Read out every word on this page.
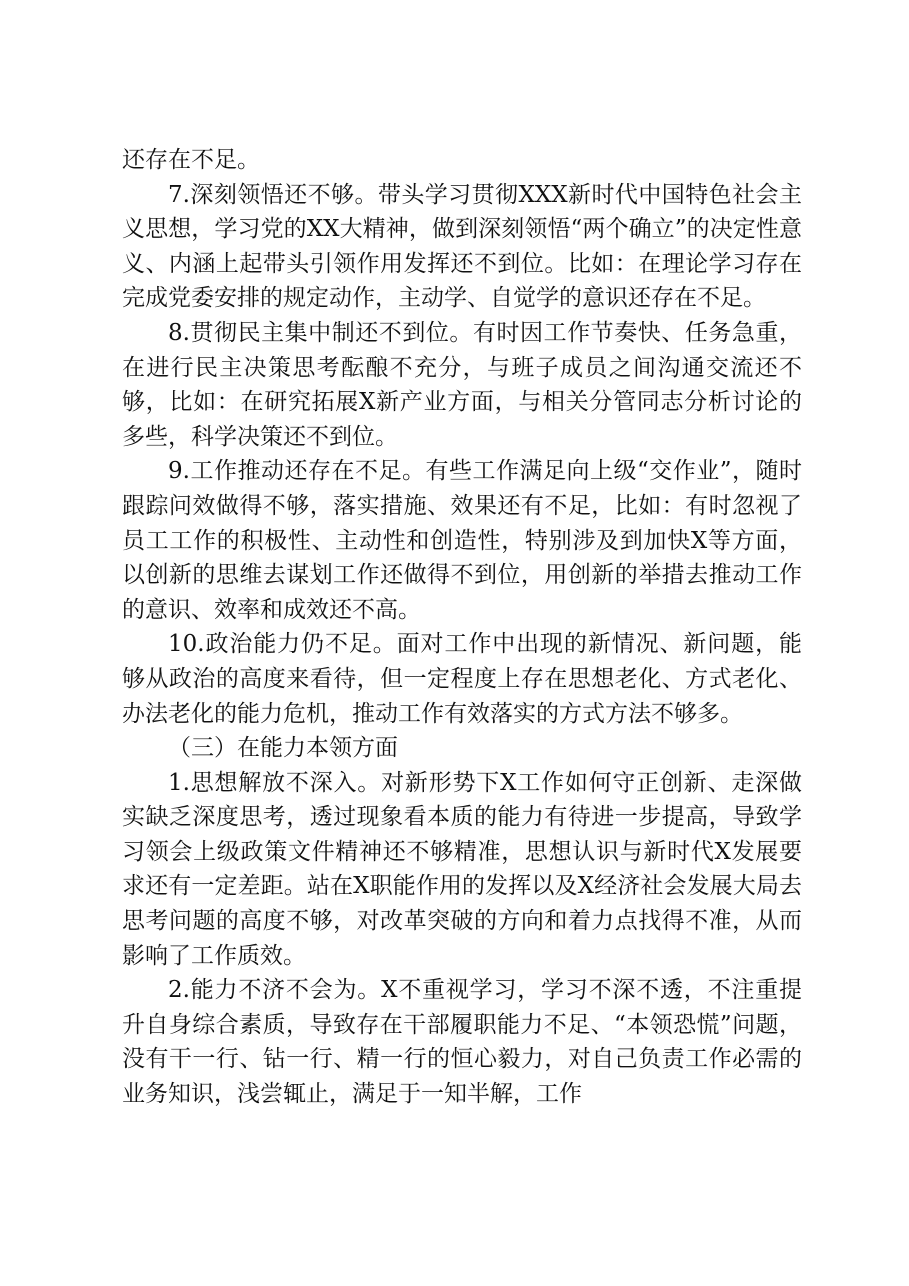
还存在不足。

7.深刻领悟还不够。带头学习贯彻XXX新时代中国特色社会主义思想，学习党的XX大精神，做到深刻领悟“两个确立”的决定性意义、内涵上起带头引领作用发挥还不到位。比如：在理论学习存在完成党委安排的规定动作，主动学、自觉学的意识还存在不足。

8.贯彻民主集中制还不到位。有时因工作节奏快、任务急重，在进行民主决策思考酝酿不充分，与班子成员之间沟通交流还不够，比如：在研究拓展X新产业方面，与相关分管同志分析讨论的多些，科学决策还不到位。

9.工作推动还存在不足。有些工作满足向上级“交作业”，随时跟踪问效做得不够，落实措施、效果还有不足，比如：有时忽视了员工工作的积极性、主动性和创造性，特别涉及到加快X等方面，以创新的思维去谋划工作还做得不到位，用创新的举措去推动工作的意识、效率和成效还不高。

10.政治能力仍不足。面对工作中出现的新情况、新问题，能够从政治的高度来看待，但一定程度上存在思想老化、方式老化、办法老化的能力危机，推动工作有效落实的方式方法不够多。

（三）在能力本领方面

1.思想解放不深入。对新形势下X工作如何守正创新、走深做实缺乏深度思考，透过现象看本质的能力有待进一步提高，导致学习领会上级政策文件精神还不够精准，思想认识与新时代X发展要求还有一定差距。站在X职能作用的发挥以及X经济社会发展大局去思考问题的高度不够，对改革突破的方向和着力点找得不准，从而影响了工作质效。

2.能力不济不会为。X不重视学习，学习不深不透，不注重提升自身综合素质，导致存在干部履职能力不足、“本领恐慌”问题，没有干一行、钻一行、精一行的恒心毅力，对自己负责工作必需的业务知识，浅尝辄止，满足于一知半解，工作
